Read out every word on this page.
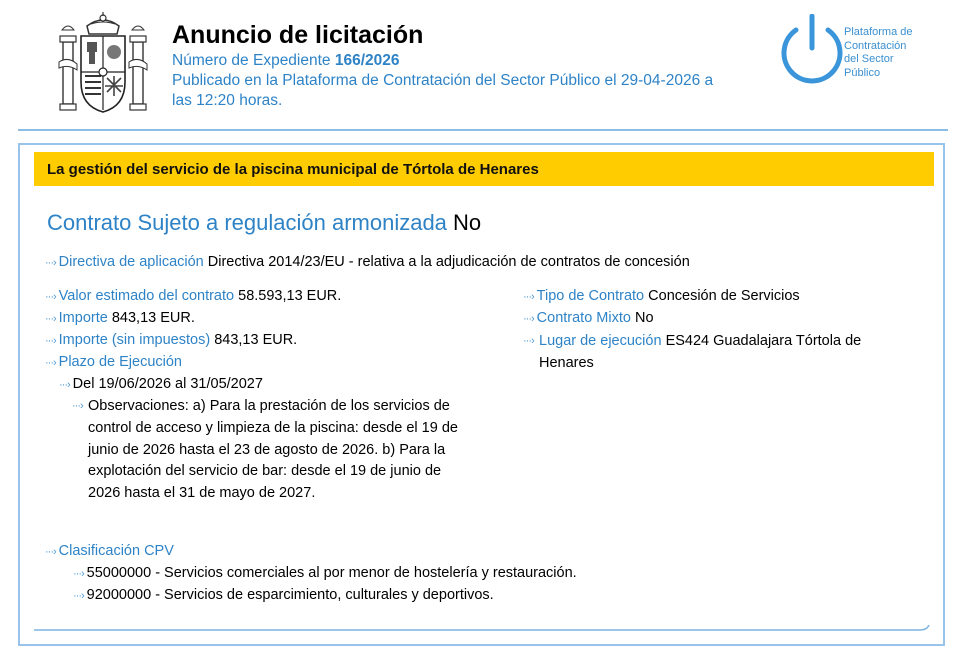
Anuncio de licitación
Número de Expediente 166/2026
Publicado en la Plataforma de Contratación del Sector Público el 29-04-2026 a
las 12:20 horas.
Plataforma de
Contratación
del Sector
Público
La gestión del servicio de la piscina municipal de Tórtola de Henares
Contrato Sujeto a regulación armonizada No
···› Directiva de aplicación Directiva 2014/23/EU - relativa a la adjudicación de contratos de concesión
···› Valor estimado del contrato 58.593,13 EUR.
···› Importe 843,13 EUR.
···› Importe (sin impuestos) 843,13 EUR.
···› Plazo de Ejecución
···› Del 19/06/2026 al 31/05/2027
···› Observaciones: a) Para la prestación de los servicios de control de acceso y limpieza de la piscina: desde el 19 de junio de 2026 hasta el 23 de agosto de 2026. b) Para la explotación del servicio de bar: desde el 19 de junio de 2026 hasta el 31 de mayo de 2027.
···› Tipo de Contrato Concesión de Servicios
···› Contrato Mixto No
···› Lugar de ejecución ES424 Guadalajara Tórtola de Henares
···› Clasificación CPV
···› 55000000 - Servicios comerciales al por menor de hostelería y restauración.
···› 92000000 - Servicios de esparcimiento, culturales y deportivos.
